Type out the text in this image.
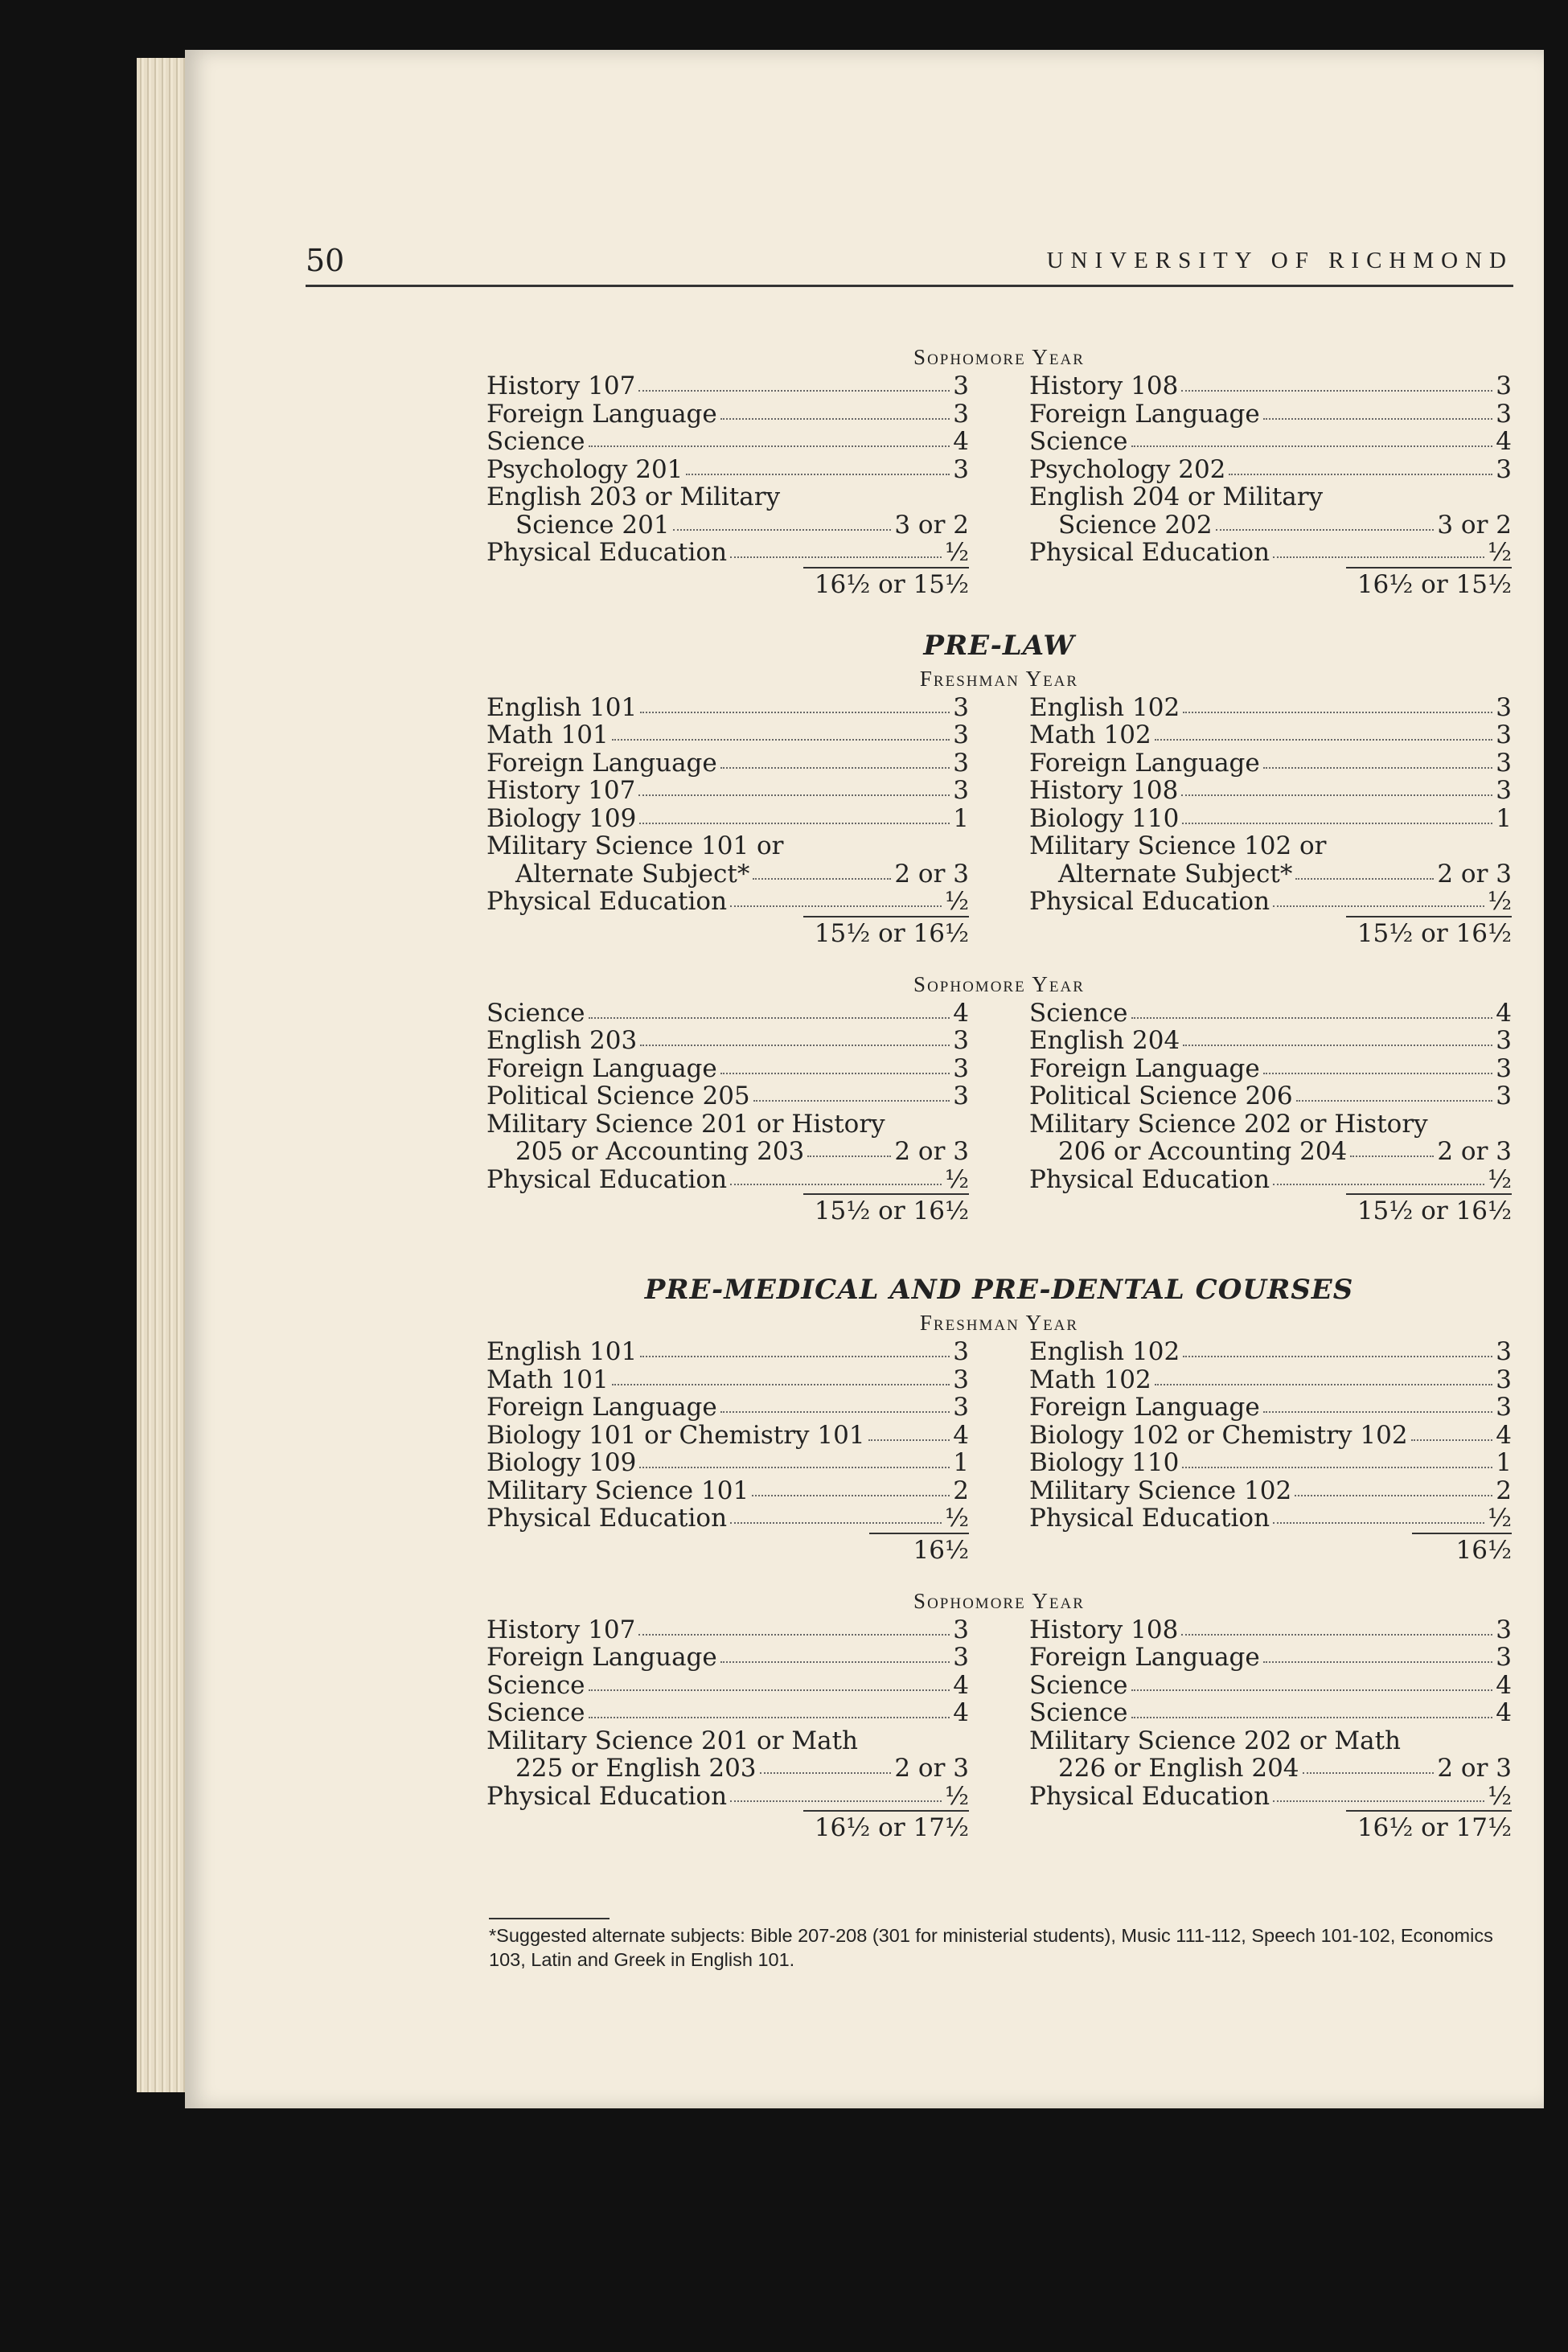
50	UNIVERSITY OF RICHMOND
Sophomore Year
History 107	3
Foreign Language	3
Science	4
Psychology 201	3
English 203 or Military
Science 201	3 or 2
Physical Education	½
16½ or 15½
History 108	3
Foreign Language	3
Science	4
Psychology 202	3
English 204 or Military
Science 202	3 or 2
Physical Education	½
16½ or 15½
PRE-LAW
Freshman Year
English 101	3
Math 101	3
Foreign Language	3
History 107	3
Biology 109	1
Military Science 101 or
Alternate Subject*	2 or 3
Physical Education	½
15½ or 16½
English 102	3
Math 102	3
Foreign Language	3
History 108	3
Biology 110	1
Military Science 102 or
Alternate Subject*	2 or 3
Physical Education	½
15½ or 16½
Sophomore Year
Science	4
English 203	3
Foreign Language	3
Political Science 205	3
Military Science 201 or History
205 or Accounting 203	2 or 3
Physical Education	½
15½ or 16½
Science	4
English 204	3
Foreign Language	3
Political Science 206	3
Military Science 202 or History
206 or Accounting 204	2 or 3
Physical Education	½
15½ or 16½
PRE-MEDICAL AND PRE-DENTAL COURSES
Freshman Year
English 101	3
Math 101	3
Foreign Language	3
Biology 101 or Chemistry 101	4
Biology 109	1
Military Science 101	2
Physical Education	½
16½
English 102	3
Math 102	3
Foreign Language	3
Biology 102 or Chemistry 102	4
Biology 110	1
Military Science 102	2
Physical Education	½
16½
Sophomore Year
History 107	3
Foreign Language	3
Science	4
Science	4
Military Science 201 or Math
225 or English 203	2 or 3
Physical Education	½
16½ or 17½
History 108	3
Foreign Language	3
Science	4
Science	4
Military Science 202 or Math
226 or English 204	2 or 3
Physical Education	½
16½ or 17½
*Suggested alternate subjects: Bible 207-208 (301 for ministerial students), Music 111-112, Speech 101-102, Economics 103, Latin and Greek in English 101.
